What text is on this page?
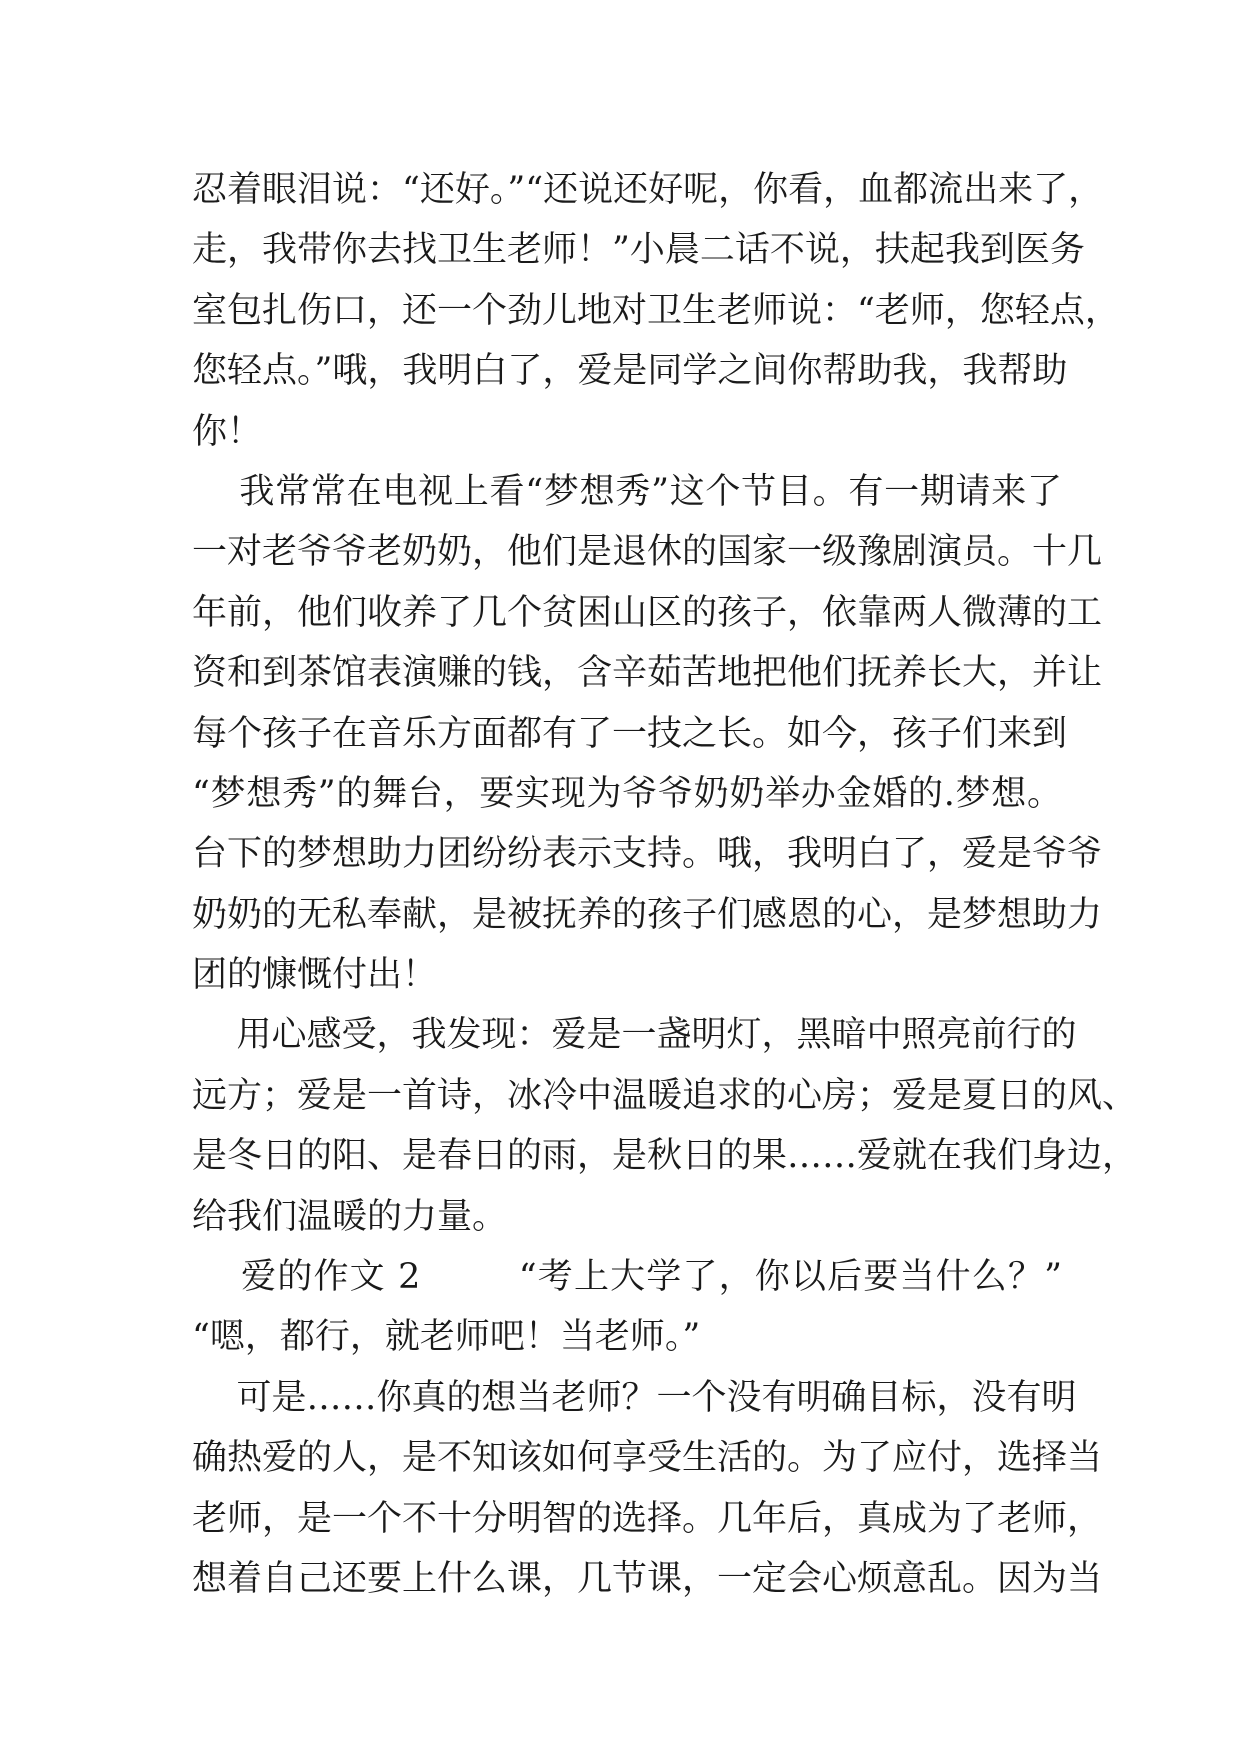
忍着眼泪说：“还好。”“还说还好呢，你看，血都流出来了，
走，我带你去找卫生老师！”小晨二话不说，扶起我到医务
室包扎伤口，还一个劲儿地对卫生老师说：“老师，您轻点，
您轻点。”哦，我明白了，爱是同学之间你帮助我，我帮助
你！
我常常在电视上看“梦想秀”这个节目。有一期请来了
一对老爷爷老奶奶，他们是退休的国家一级豫剧演员。十几
年前，他们收养了几个贫困山区的孩子，依靠两人微薄的工
资和到茶馆表演赚的钱，含辛茹苦地把他们抚养长大，并让
每个孩子在音乐方面都有了一技之长。如今，孩子们来到
“梦想秀”的舞台，要实现为爷爷奶奶举办金婚的.梦想。
台下的梦想助力团纷纷表示支持。哦，我明白了，爱是爷爷
奶奶的无私奉献，是被抚养的孩子们感恩的心，是梦想助力
团的慷慨付出！
用心感受，我发现：爱是一盏明灯，黑暗中照亮前行的
远方；爱是一首诗，冰冷中温暖追求的心房；爱是夏日的风、
是冬日的阳、是春日的雨，是秋日的果……爱就在我们身边，
给我们温暖的力量。
爱的作文 2        “考上大学了，你以后要当什么？”
“嗯，都行，就老师吧！当老师。”
可是……你真的想当老师？一个没有明确目标，没有明
确热爱的人，是不知该如何享受生活的。为了应付，选择当
老师，是一个不十分明智的选择。几年后，真成为了老师，
想着自己还要上什么课，几节课，一定会心烦意乱。因为当
